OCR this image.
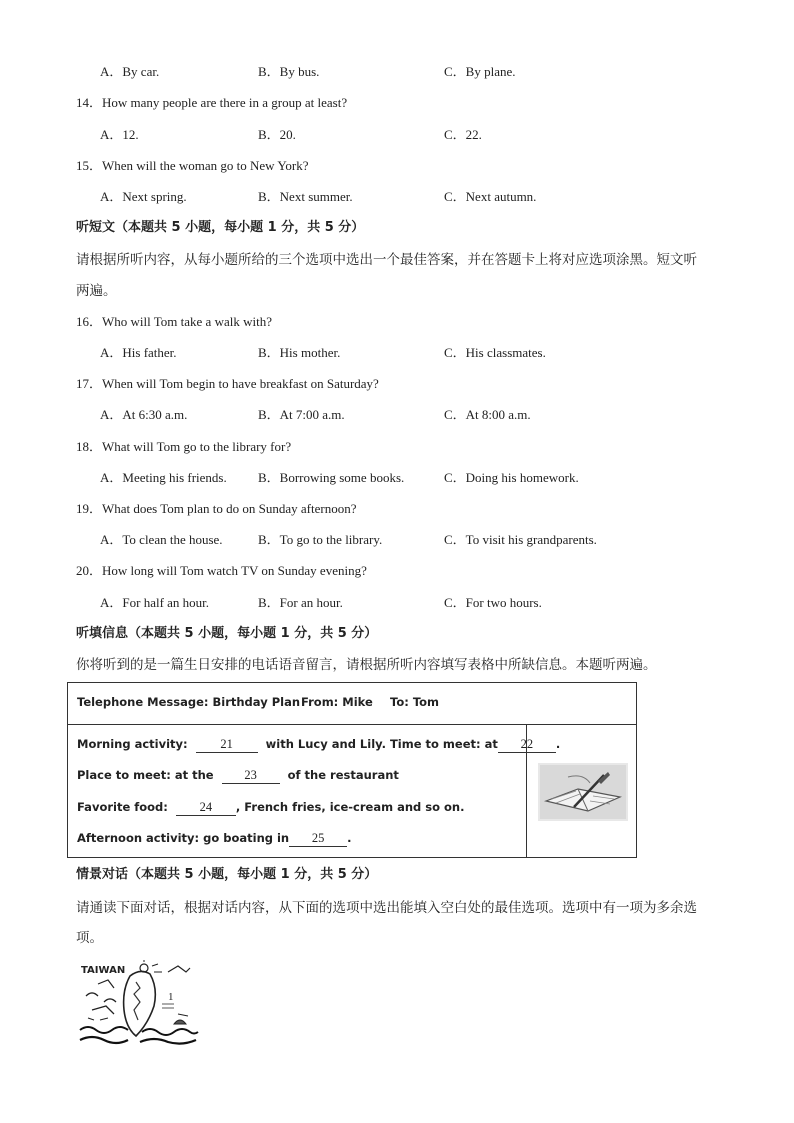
A．By car.	B．By bus.	C．By plane.
14．How many people are there in a group at least?
A．12.	B．20.	C．22.
15．When will the woman go to New York?
A．Next spring.	B．Next summer.	C．Next autumn.
听短文（本题共 5 小题，每小题 1 分，共 5 分）
请根据所听内容，从每小题所给的三个选项中选出一个最佳答案，并在答题卡上将对应选项涂黑。短文听
两遍。
16．Who will Tom take a walk with?
A．His father.	B．His mother.	C．His classmates.
17．When will Tom begin to have breakfast on Saturday?
A．At 6:30 a.m.	B．At 7:00 a.m.	C．At 8:00 a.m.
18．What will Tom go to the library for?
A．Meeting his friends. B．Borrowing some books.	C．Doing his homework.
19．What does Tom plan to do on Sunday afternoon?
A．To clean the house.	B．To go to the library.	C．To visit his grandparents.
20．How long will Tom watch TV on Sunday evening?
A．For half an hour.	B．For an hour.	C．For two hours.
听填信息（本题共 5 小题，每小题 1 分，共 5 分）
你将听到的是一篇生日安排的电话语音留言，请根据所听内容填写表格中所缺信息。本题听两遍。
Telephone Message: Birthday Plan From: Mike To: Tom
Morning activity:	21	with Lucy and Lily. Time to meet: at 22 .
Place to meet: at the 23	of the restaurant
Favorite food:	24 , French fries, ice-cream and so on.
Afternoon activity: go boating in 25 .
情景对话（本题共 5 小题，每小题 1 分，共 5 分）
请通读下面对话，根据对话内容，从下面的选项中选出能填入空白处的最佳选项。选项中有一项为多余选
项。
TAIWAN
1
